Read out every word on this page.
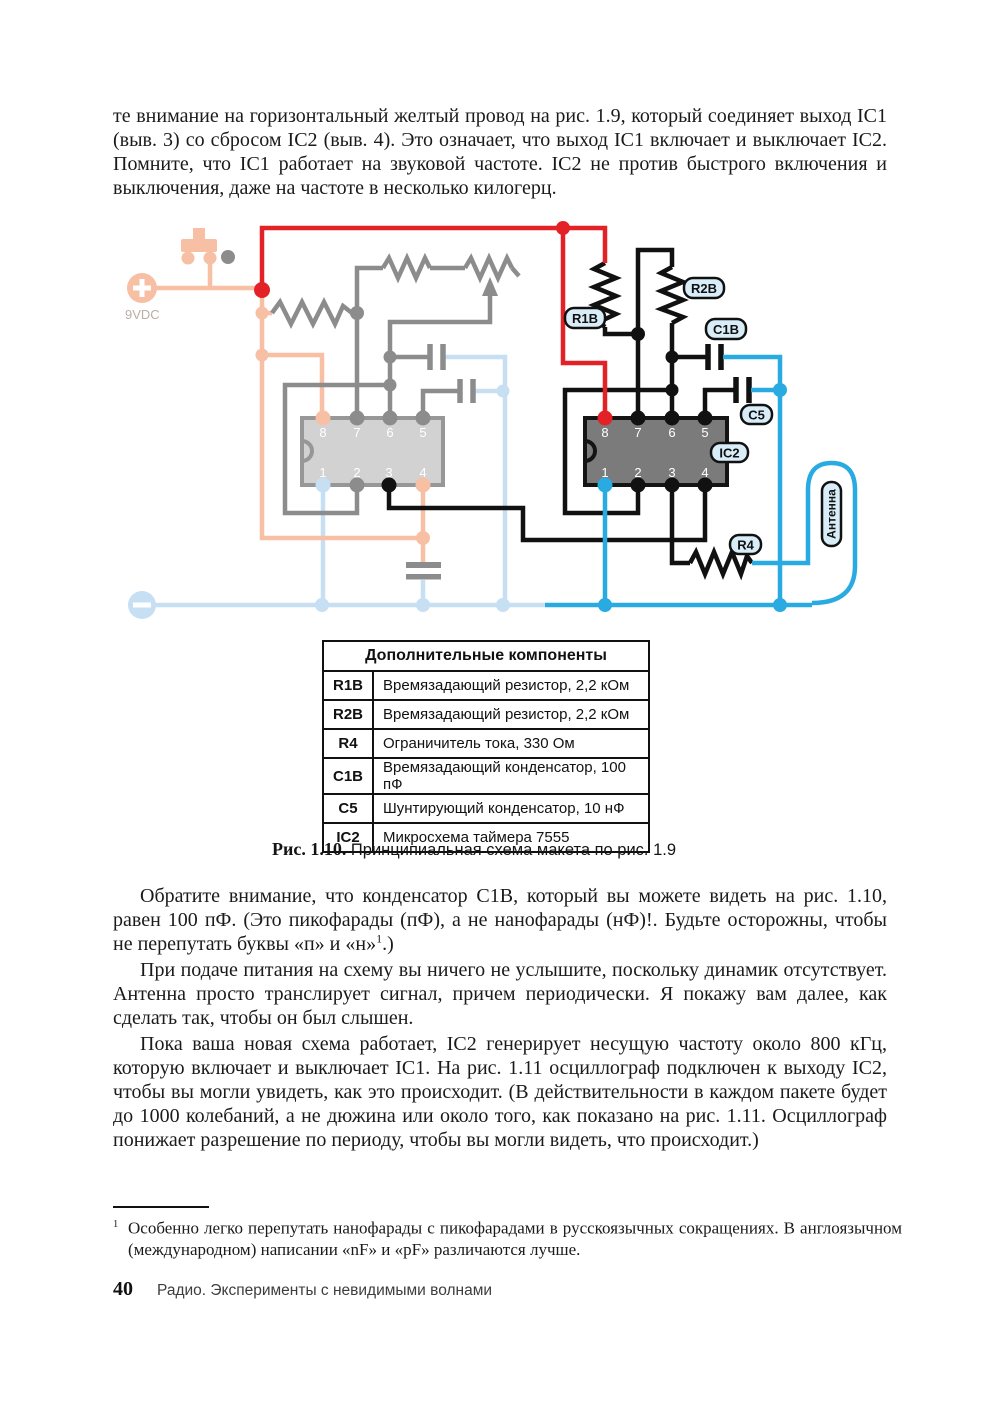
те внимание на горизонтальный желтый провод на рис. 1.9, который соединяет выход IC1 (выв. 3) со сбросом IC2 (выв. 4). Это означает, что выход IC1 включает и выключает IC2. Помните, что IC1 работает на звуковой частоте. IC2 не против быстрого включения и выключения, даже на частоте в несколько килогерц.

9VDC
8 7 6 5
1 2 3 4
8 7 6 5
1 2 3 4
R1B
R2B
C1B
C5
IC2
R4
Антенна
Дополнительные компоненты	
R1B	Времязадающий резистор, 2,2 кОм
R2B	Времязадающий резистор, 2,2 кОм
R4	Ограничитель тока, 330 Ом
C1B	Времязадающий конденсатор, 100 пФ
C5	Шунтирующий конденсатор, 10 нФ
IC2	Микросхема таймера 7555

Рис. 1.10. Принципиальная схема макета по рис. 1.9

Обратите внимание, что конденсатор C1B, который вы можете видеть на рис. 1.10, равен 100 пФ. (Это пикофарады (пФ), а не нанофарады (нФ)!. Будьте осторожны, чтобы не перепутать буквы «п» и «н»$^1$.)

При подаче питания на схему вы ничего не услышите, поскольку динамик отсутствует. Антенна просто транслирует сигнал, причем периодически. Я покажу вам далее, как сделать так, чтобы он был слышен.

Пока ваша новая схема работает, IC2 генерирует несущую частоту около 800 кГц, которую включает и выключает IC1. На рис. 1.11 осциллограф подключен к выходу IC2, чтобы вы могли увидеть, как это происходит. (В действительности в каждом пакете будет до 1000 колебаний, а не дюжина или около того, как показано на рис. 1.11. Осциллограф понижает разрешение по периоду, чтобы вы могли видеть, что происходит.)

$^1$ Особенно легко перепутать нанофарады с пикофарадами в русскоязычных сокращениях. В англоязычном (международном) написании «nF» и «pF» различаются лучше.

40 Радио. Эксперименты с невидимыми волнами
